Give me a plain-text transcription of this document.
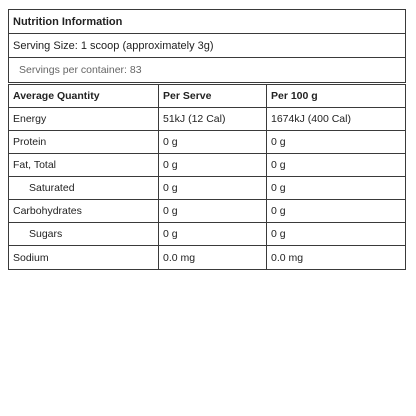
Nutrition Information
Serving Size: 1 scoop (approximately 3g)
Servings per container: 83
Average Quantity	Per Serve	Per 100 g
Energy	51kJ (12 Cal)	1674kJ (400 Cal)
Protein	0 g	0 g
Fat, Total	0 g	0 g
Saturated	0 g	0 g
Carbohydrates	0 g	0 g
Sugars	0 g	0 g
Sodium	0.0 mg	0.0 mg
